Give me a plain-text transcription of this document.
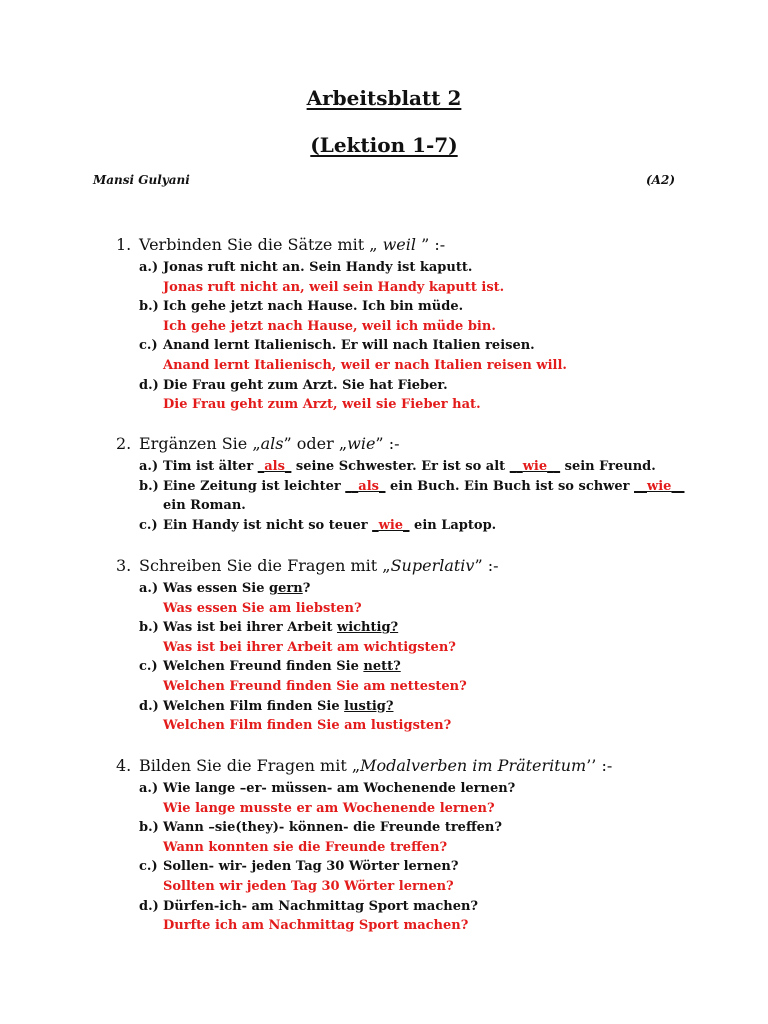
Arbeitsblatt 2
(Lektion 1-7)
Mansi Gulyani	(A2)
1. Verbinden Sie die Sätze mit „ weil ” :-
a.) Jonas ruft nicht an. Sein Handy ist kaputt.
Jonas ruft nicht an, weil sein Handy kaputt ist.
b.) Ich gehe jetzt nach Hause. Ich bin müde.
Ich gehe jetzt nach Hause, weil ich müde bin.
c.) Anand lernt Italienisch. Er will nach Italien reisen.
Anand lernt Italienisch, weil er nach Italien reisen will.
d.) Die Frau geht zum Arzt. Sie hat Fieber.
Die Frau geht zum Arzt, weil sie Fieber hat.
2. Ergänzen Sie „als” oder „wie” :-
a.) Tim ist älter _als_ seine Schwester. Er ist so alt __wie__ sein Freund.
b.) Eine Zeitung ist leichter __als_ ein Buch. Ein Buch ist so schwer __wie__
ein Roman.
c.) Ein Handy ist nicht so teuer _wie_ ein Laptop.
3. Schreiben Sie die Fragen mit „Superlativ” :-
a.) Was essen Sie gern?
Was essen Sie am liebsten?
b.) Was ist bei ihrer Arbeit wichtig?
Was ist bei ihrer Arbeit am wichtigsten?
c.) Welchen Freund finden Sie nett?
Welchen Freund finden Sie am nettesten?
d.) Welchen Film finden Sie lustig?
Welchen Film finden Sie am lustigsten?
4. Bilden Sie die Fragen mit „Modalverben im Präteritum’’ :-
a.) Wie lange –er- müssen- am Wochenende lernen?
Wie lange musste er am Wochenende lernen?
b.) Wann –sie(they)- können- die Freunde treffen?
Wann konnten sie die Freunde treffen?
c.) Sollen- wir- jeden Tag 30 Wörter lernen?
Sollten wir jeden Tag 30 Wörter lernen?
d.) Dürfen-ich- am Nachmittag Sport machen?
Durfte ich am Nachmittag Sport machen?
